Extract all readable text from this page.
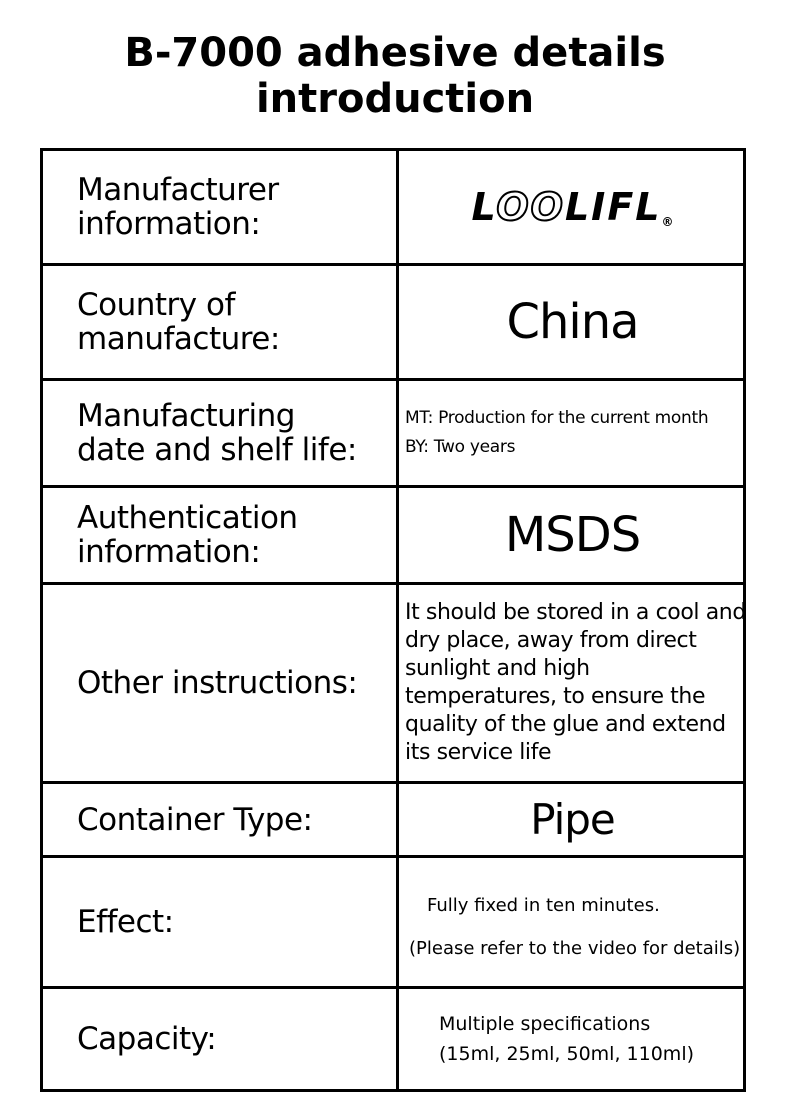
B-7000 adhesive details
introduction
Manufacturer
information:	LOOLIFL®
Country of
manufacture:	China
Manufacturing
date and shelf life:
MT: Production for the current month
BY: Two years
Authentication
information:	MSDS
Other instructions:
It should be stored in a cool and dry place, away from direct sunlight and high temperatures, to ensure the quality of the glue and extend its service life
Container Type:	Pipe
Effect:	Fully fixed in ten minutes.
(Please refer to the video for details)
Capacity:	Multiple specifications
(15ml, 25ml, 50ml, 110ml)
